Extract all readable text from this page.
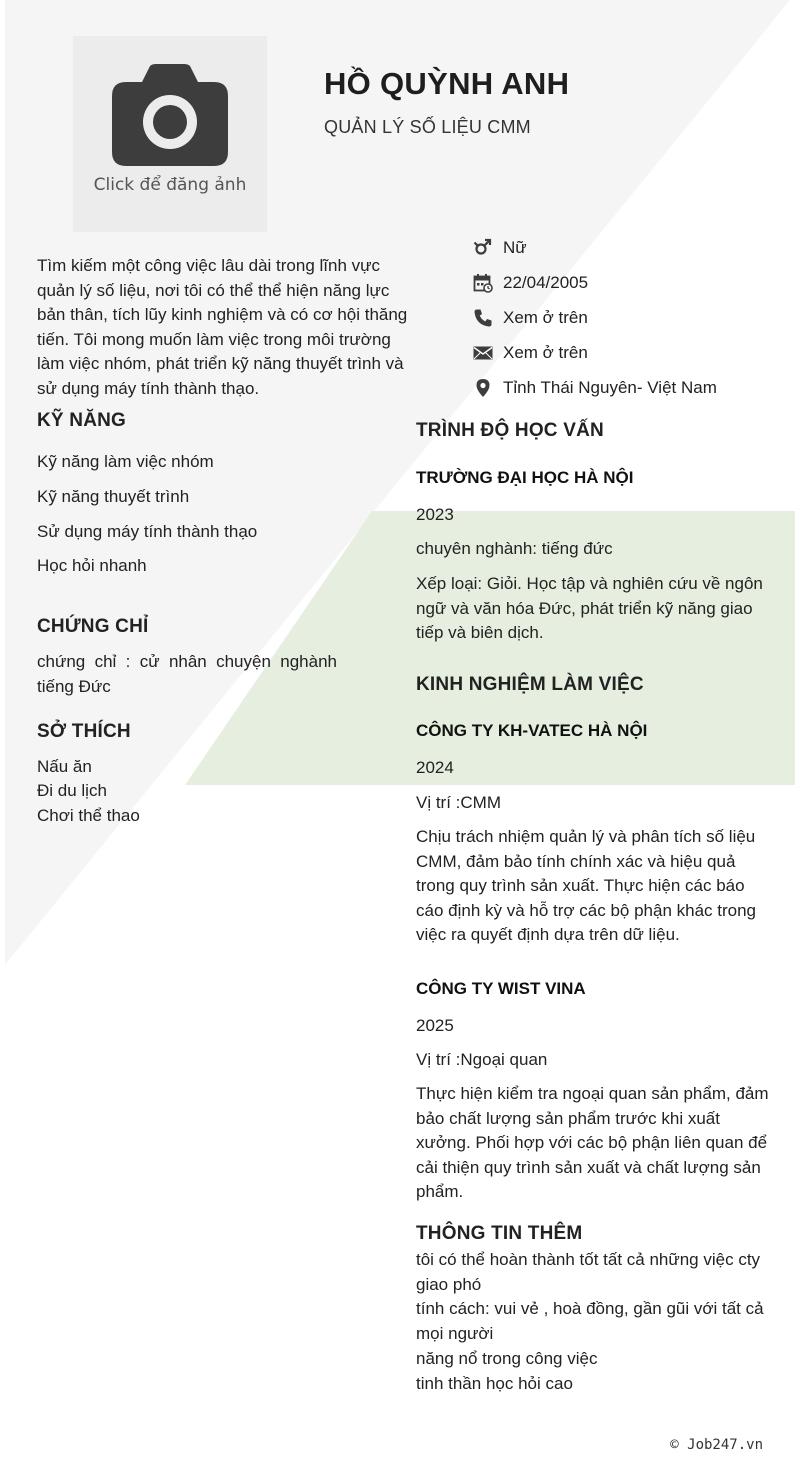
Click để đăng ảnh
HỒ QUỲNH ANH
QUẢN LÝ SỐ LIỆU CMM
Nữ
22/04/2005
Xem ở trên
Xem ở trên
Tỉnh Thái Nguyên- Việt Nam
Tìm kiếm một công việc lâu dài trong lĩnh vực quản lý số liệu, nơi tôi có thể thể hiện năng lực bản thân, tích lũy kinh nghiệm và có cơ hội thăng tiến. Tôi mong muốn làm việc trong môi trường làm việc nhóm, phát triển kỹ năng thuyết trình và sử dụng máy tính thành thạo.
KỸ NĂNG
Kỹ năng làm việc nhóm
Kỹ năng thuyết trình
Sử dụng máy tính thành thạo
Học hỏi nhanh
CHỨNG CHỈ
chứng chỉ : cử nhân chuyện nghành tiếng Đức
SỞ THÍCH
Nấu ăn
Đi du lịch
Chơi thể thao
TRÌNH ĐỘ HỌC VẤN
TRƯỜNG ĐẠI HỌC HÀ NỘI
2023
chuyên nghành: tiếng đức
Xếp loại: Giỏi. Học tập và nghiên cứu về ngôn ngữ và văn hóa Đức, phát triển kỹ năng giao tiếp và biên dịch.
KINH NGHIỆM LÀM VIỆC
CÔNG TY KH-VATEC HÀ NỘI
2024
Vị trí :CMM
Chịu trách nhiệm quản lý và phân tích số liệu CMM, đảm bảo tính chính xác và hiệu quả trong quy trình sản xuất. Thực hiện các báo cáo định kỳ và hỗ trợ các bộ phận khác trong việc ra quyết định dựa trên dữ liệu.
CÔNG TY WIST VINA
2025
Vị trí :Ngoại quan
Thực hiện kiểm tra ngoại quan sản phẩm, đảm bảo chất lượng sản phẩm trước khi xuất xưởng. Phối hợp với các bộ phận liên quan để cải thiện quy trình sản xuất và chất lượng sản phẩm.
THÔNG TIN THÊM
tôi có thể hoàn thành tốt tất cả những việc cty giao phó
tính cách: vui vẻ , hoà đồng, gần gũi với tất cả mọi người
năng nổ trong công việc
tinh thần học hỏi cao
© Job247.vn
